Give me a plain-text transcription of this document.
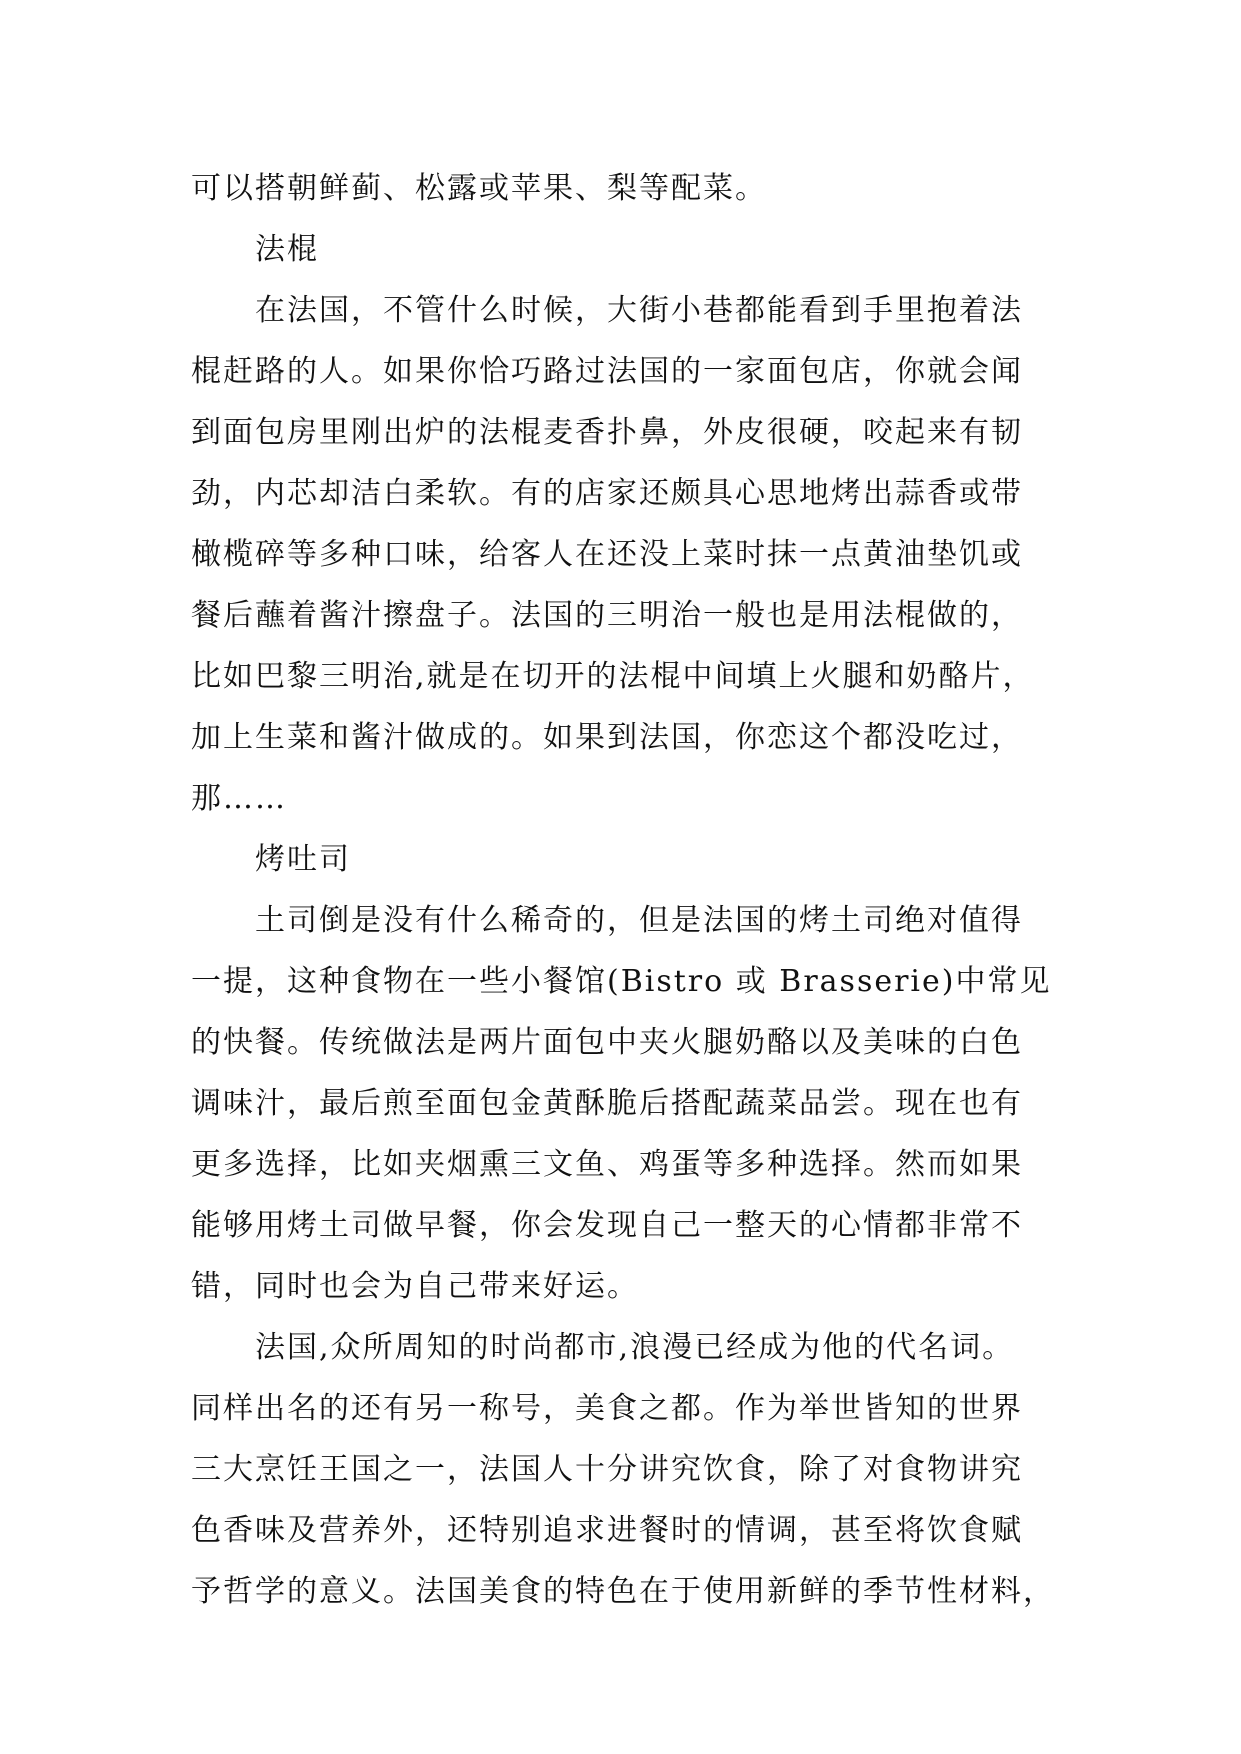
可以搭朝鲜蓟、松露或苹果、梨等配菜。
法棍
在法国，不管什么时候，大街小巷都能看到手里抱着法
棍赶路的人。如果你恰巧路过法国的一家面包店，你就会闻
到面包房里刚出炉的法棍麦香扑鼻，外皮很硬，咬起来有韧
劲，内芯却洁白柔软。有的店家还颇具心思地烤出蒜香或带
橄榄碎等多种口味，给客人在还没上菜时抹一点黄油垫饥或
餐后蘸着酱汁擦盘子。法国的三明治一般也是用法棍做的，
比如巴黎三明治,就是在切开的法棍中间填上火腿和奶酪片，
加上生菜和酱汁做成的。如果到法国，你恋这个都没吃过，
那……
烤吐司
土司倒是没有什么稀奇的，但是法国的烤土司绝对值得
一提，这种食物在一些小餐馆(Bistro 或 Brasserie)中常见
的快餐。传统做法是两片面包中夹火腿奶酪以及美味的白色
调味汁，最后煎至面包金黄酥脆后搭配蔬菜品尝。现在也有
更多选择，比如夹烟熏三文鱼、鸡蛋等多种选择。然而如果
能够用烤土司做早餐，你会发现自己一整天的心情都非常不
错，同时也会为自己带来好运。
法国,众所周知的时尚都市,浪漫已经成为他的代名词。
同样出名的还有另一称号，美食之都。作为举世皆知的世界
三大烹饪王国之一，法国人十分讲究饮食，除了对食物讲究
色香味及营养外，还特别追求进餐时的情调，甚至将饮食赋
予哲学的意义。法国美食的特色在于使用新鲜的季节性材料，
